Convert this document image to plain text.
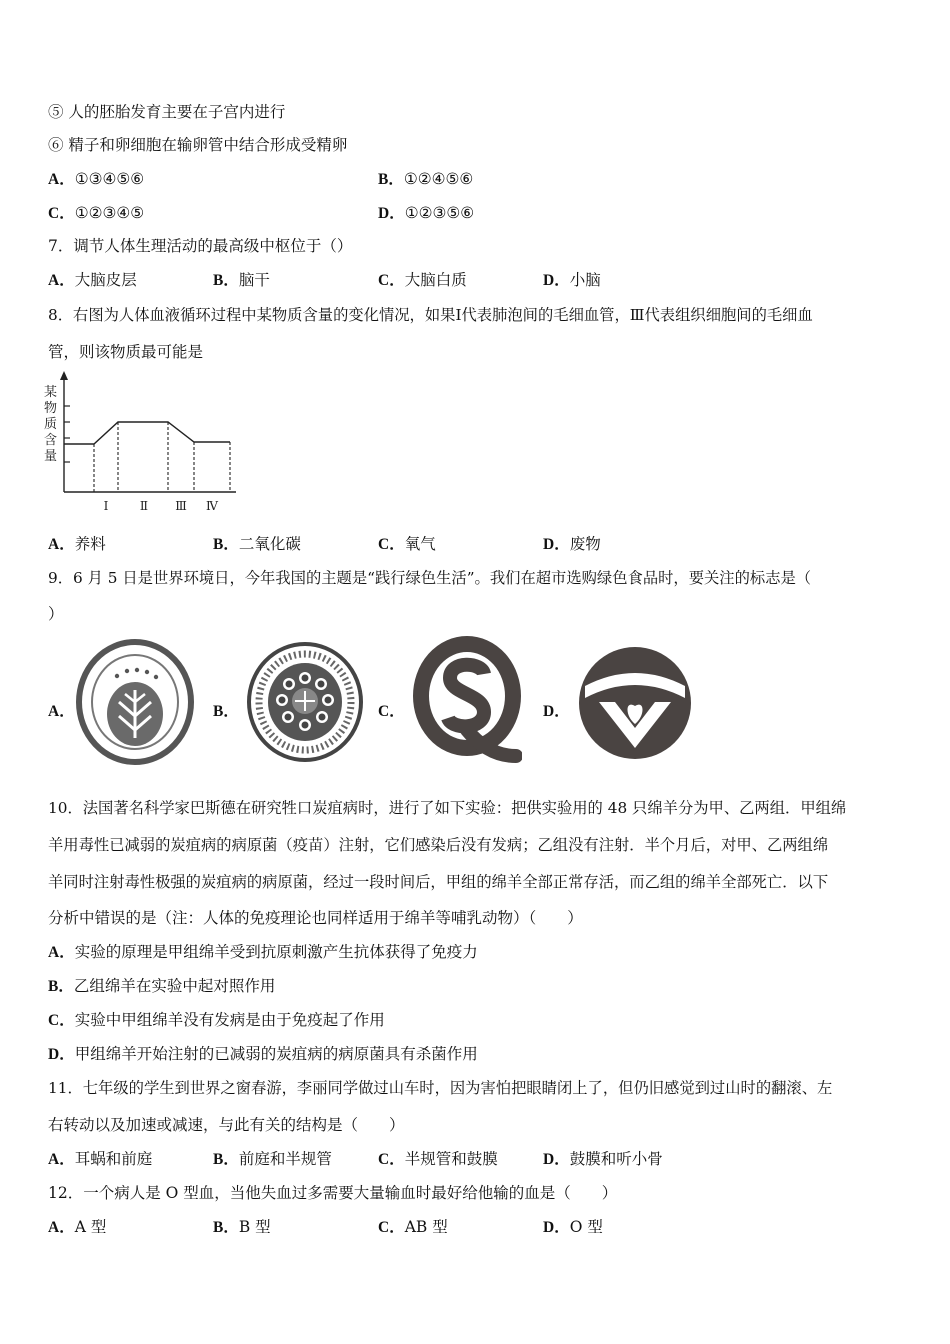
⑤ 人的胚胎发育主要在子宫内进行
⑥ 精子和卵细胞在输卵管中结合形成受精卵
A．①③④⑤⑥	B．①②④⑤⑥
C．①②③④⑤	D．①②③⑤⑥
7．调节人体生理活动的最高级中枢位于（）
A．大脑皮层	B．脑干	C．大脑白质	D．小脑
8．右图为人体血液循环过程中某物质含量的变化情况，如果Ⅰ代表肺泡间的毛细血管，Ⅲ代表组织细胞间的毛细血
管，则该物质最可能是
某
物
质
含
量
Ⅰ	Ⅱ Ⅲ Ⅳ
A．养料	B．二氧化碳	C．氧气	D．废物
9．6 月 5 日是世界环境日，今年我国的主题是“践行绿色生活”。我们在超市选购绿色食品时，要关注的标志是（
）
A．	B．	C．	D．
10．法国著名科学家巴斯德在研究牲口炭疽病时，进行了如下实验：把供实验用的 48 只绵羊分为甲、乙两组．甲组绵
羊用毒性已减弱的炭疽病的病原菌（疫苗）注射，它们感染后没有发病；乙组没有注射．半个月后，对甲、乙两组绵
羊同时注射毒性极强的炭疽病的病原菌，经过一段时间后，甲组的绵羊全部正常存活，而乙组的绵羊全部死亡．以下
分析中错误的是（注：人体的免疫理论也同样适用于绵羊等哺乳动物）（　　）
A．实验的原理是甲组绵羊受到抗原刺激产生抗体获得了免疫力
B．乙组绵羊在实验中起对照作用
C．实验中甲组绵羊没有发病是由于免疫起了作用
D．甲组绵羊开始注射的已减弱的炭疽病的病原菌具有杀菌作用
11．七年级的学生到世界之窗春游，李丽同学做过山车时，因为害怕把眼睛闭上了，但仍旧感觉到过山时的翻滚、左
右转动以及加速或减速，与此有关的结构是（　　）
A．耳蜗和前庭	B．前庭和半规管	C．半规管和鼓膜	D．鼓膜和听小骨
12．一个病人是 O 型血，当他失血过多需要大量输血时最好给他输的血是（　　）
A．A 型	B．B 型	C．AB 型	D．O 型
